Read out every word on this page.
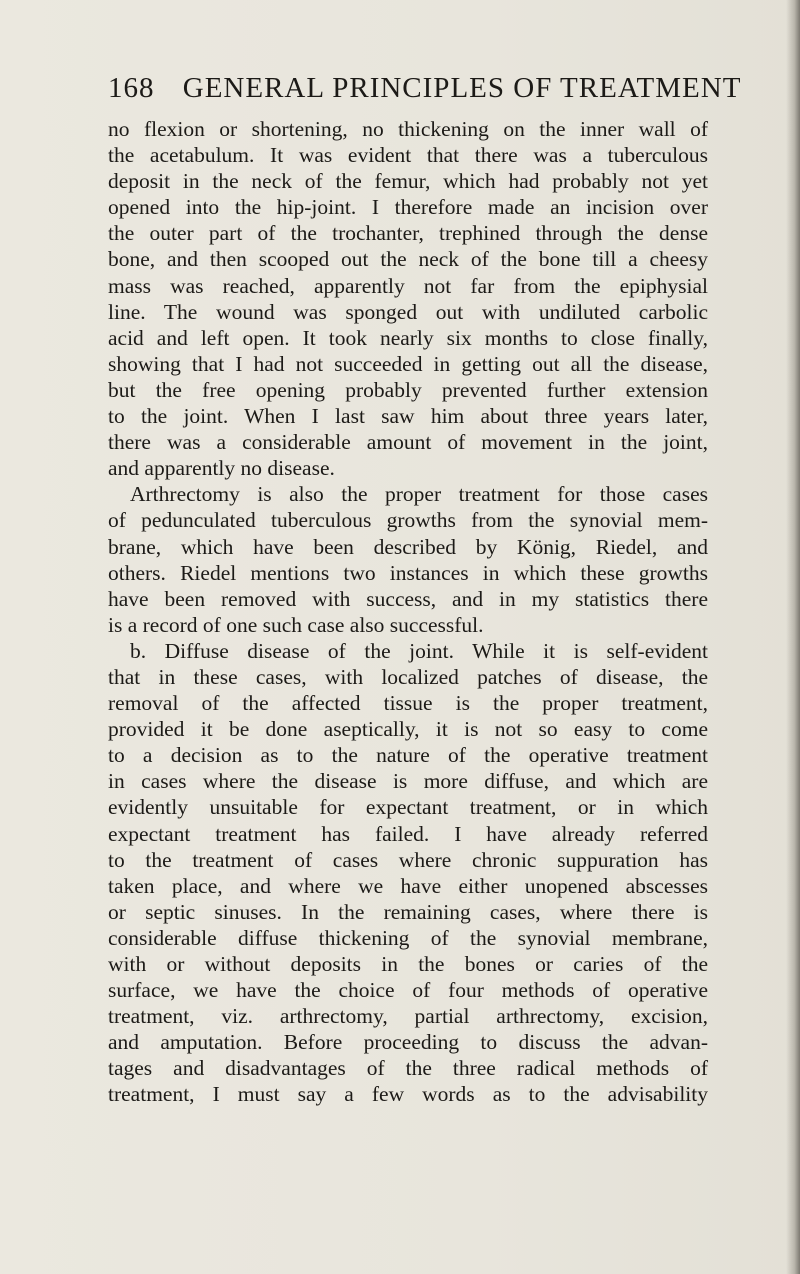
168 GENERAL PRINCIPLES OF TREATMENT
no flexion or shortening, no thickening on the inner wall of
the acetabulum. It was evident that there was a tuberculous
deposit in the neck of the femur, which had probably not yet
opened into the hip-joint. I therefore made an incision over
the outer part of the trochanter, trephined through the dense
bone, and then scooped out the neck of the bone till a cheesy
mass was reached, apparently not far from the epiphysial
line. The wound was sponged out with undiluted carbolic
acid and left open. It took nearly six months to close finally,
showing that I had not succeeded in getting out all the disease,
but the free opening probably prevented further extension
to the joint. When I last saw him about three years later,
there was a considerable amount of movement in the joint,
and apparently no disease.
Arthrectomy is also the proper treatment for those cases
of pedunculated tuberculous growths from the synovial mem-
brane, which have been described by König, Riedel, and
others. Riedel mentions two instances in which these growths
have been removed with success, and in my statistics there
is a record of one such case also successful.
b. Diffuse disease of the joint. While it is self-evident
that in these cases, with localized patches of disease, the
removal of the affected tissue is the proper treatment,
provided it be done aseptically, it is not so easy to come
to a decision as to the nature of the operative treatment
in cases where the disease is more diffuse, and which are
evidently unsuitable for expectant treatment, or in which
expectant treatment has failed. I have already referred
to the treatment of cases where chronic suppuration has
taken place, and where we have either unopened abscesses
or septic sinuses. In the remaining cases, where there is
considerable diffuse thickening of the synovial membrane,
with or without deposits in the bones or caries of the
surface, we have the choice of four methods of operative
treatment, viz. arthrectomy, partial arthrectomy, excision,
and amputation. Before proceeding to discuss the advan-
tages and disadvantages of the three radical methods of
treatment, I must say a few words as to the advisability
